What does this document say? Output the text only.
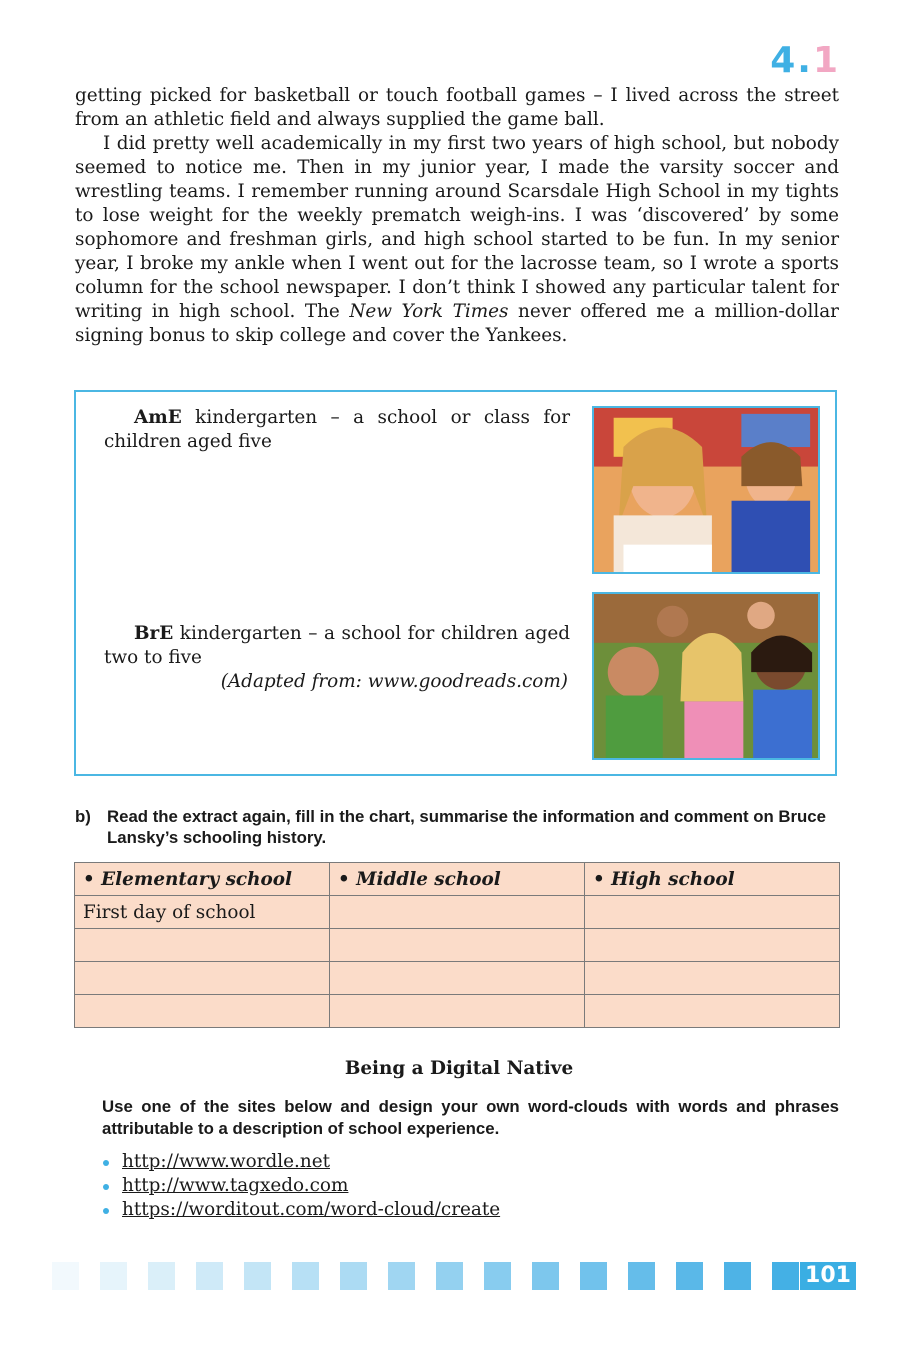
4.1

getting picked for basketball or touch football games – I lived across the street from an athletic field and always supplied the game ball.

I did pretty well academically in my first two years of high school, but nobody seemed to notice me. Then in my junior year, I made the varsity soccer and wrestling teams. I remember running around Scarsdale High School in my tights to lose weight for the weekly prematch weigh-ins. I was ‘discovered’ by some sophomore and freshman girls, and high school started to be fun. In my senior year, I broke my ankle when I went out for the lacrosse team, so I wrote a sports column for the school newspaper. I don’t think I showed any particular talent for writing in high school. The New York Times never offered me a million-dollar signing bonus to skip college and cover the Yankees.

AmE kindergarten – a school or class for children aged five
BrE kindergarten – a school for children aged two to five
(Adapted from: www.goodreads.com)
b) Read the extract again, fill in the chart, summarise the information and comment on Bruce Lansky’s schooling history.
• Elementary school	• Middle school	• High school
First day of school		

Being a Digital Native
Use one of the sites below and design your own word-clouds with words and phrases attributable to a description of school experience.
http://www.wordle.net
http://www.tagxedo.com
https://worditout.com/word-cloud/create
101
